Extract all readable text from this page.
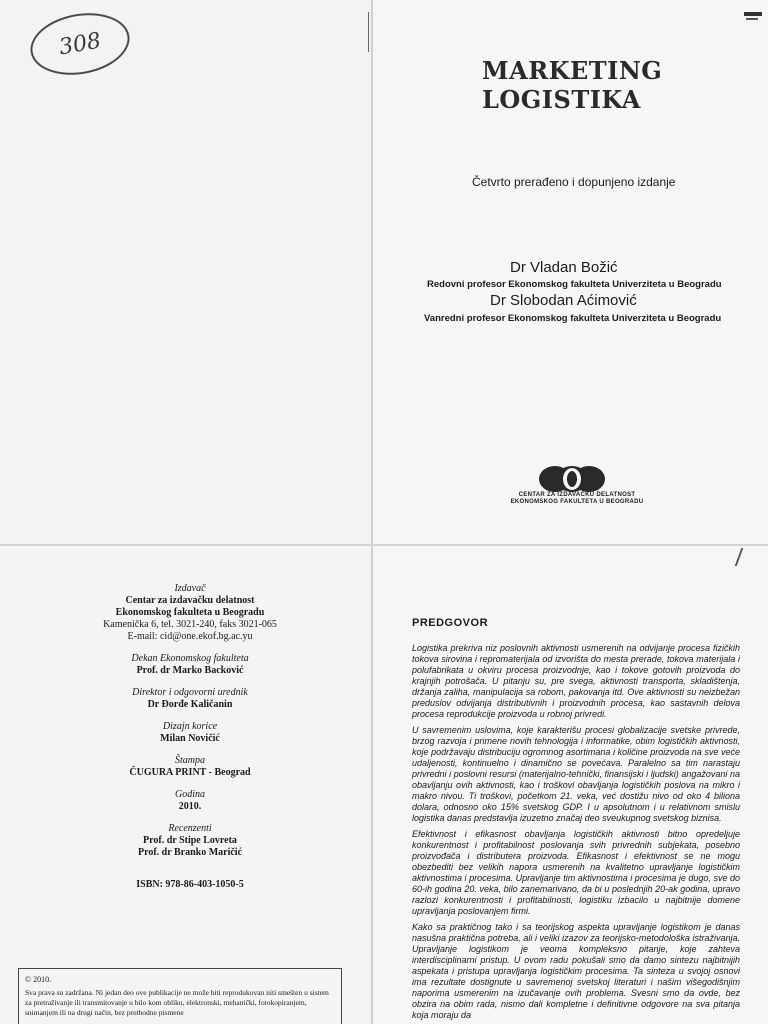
308
MARKETING
LOGISTIKA
Četvrto prerađeno i dopunjeno izdanje
Dr Vladan Božić
Redovni profesor Ekonomskog fakulteta Univerziteta u Beogradu
Dr Slobodan Aćimović
Vanredni profesor Ekonomskog fakulteta Univerziteta u Beogradu
CENTAR ZA IZDAVAČKU DELATNOST
EKONOMSKOG FAKULTETA U BEOGRADU
Izdavač
Centar za izdavačku delatnost
Ekonomskog fakulteta u Beogradu
Kamenička 6, tel. 3021-240, faks 3021-065
E-mail: cid@one.ekof.bg.ac.yu
Dekan Ekonomskog fakulteta
Prof. dr Marko Backović
Direktor i odgovorni urednik
Dr Đorđe Kaličanin
Dizajn korice
Milan Novičić
Štampa
ČUGURA PRINT - Beograd
Godina
2010.
Recenzenti
Prof. dr Stipe Lovreta
Prof. dr Branko Maričić
ISBN: 978-86-403-1050-5
© 2010.
Sva prava su zadržana. Ni jedan deo ove publikacije ne može biti reprodukovan niti smešten u sistem za pretraživanje ili transmitovanje u bilo kom obliku, elektronski, mehanički, fotokopiranjem, snimanjem ili na drugi način, bez prethodne pismene
PREDGOVOR

Logistika prekriva niz poslovnih aktivnosti usmerenih na odvijanje procesa fizičkih tokova sirovina i repromaterijala od izvorišta do mesta prerade, tokova materijala i polufabrikata u okviru procesa proizvodnje, kao i tokove gotovih proizvoda do krajnjih potrošača. U pitanju su, pre svega, aktivnosti transporta, skladištenja, držanja zaliha, manipulacija sa robom, pakovanja itd. Ove aktivnosti su neizbežan preduslov odvijanja distributivnih i proizvodnih procesa, kao sastavnih delova procesa reprodukcije proizvoda u robnoj privredi.

U savremenim uslovima, koje karakterišu procesi globalizacije svetske privrede, brzog razvoja i primene novih tehnologija i informatike, obim logističkih aktivnosti, koje podržavaju distribuciju ogromnog asortimana i količine proizvoda na sve veće udaljenosti, kontinuelno i dinamično se povećava. Paralelno sa tim narastaju privredni i poslovni resursi (materijalno-tehnički, finansijski i ljudski) angažovani na obavljanju ovih aktivnosti, kao i troškovi obavljanja logističkih poslova na mikro i makro nivou. Ti troškovi, početkom 21. veka, već dostižu nivo od oko 4 biliona dolara, odnosno oko 15% svetskog GDP. I u apsolutnom i u relativnom smislu logistika danas predstavlja izuzetno značaj deo sveukupnog svetskog biznisa.

Efektivnost i efikasnost obavljanja logističkih aktivnosti bitno opredeljuje konkurentnost i profitabilnost poslovanja svih privrednih subjekata, posebno proizvođača i distributera proizvoda. Efikasnost i efektivnost se ne mogu obezbediti bez velikih napora usmerenih na kvalitetno upravljanje logističkim aktivnostima i procesima. Upravljanje tim aktivnostima i procesima je dugo, sve do 60-ih godina 20. veka, bilo zanemarivano, da bi u poslednjih 20-ak godina, upravo razlozi konkurentnosti i profitabilnosti, logistiku izbacilo u najbitnije domene upravljanja poslovanjem firmi.

Kako sa praktičnog tako i sa teorijskog aspekta upravljanje logistikom je danas nasušna praktična potreba, ali i veliki izazov za teorijsko-metodološka istraživanja. Upravljanje logistikom je veoma kompleksno pitanje, koje zahteva interdisciplinarni pristup. U ovom radu pokušali smo da damo sintezu najbitnijih aspekata i pristupa upravljanja logističkim procesima. Ta sinteza u svojoj osnovi ima rezultate dostignute u savremenoj svetskoj literaturi i našim višegodišnjim naporima usmerenim na izučavanje ovih problema. Svesni smo da ovde, bez obzira na obim rada, nismo dali kompletne i definitivne odgovore na sva pitanja koja moraju da
